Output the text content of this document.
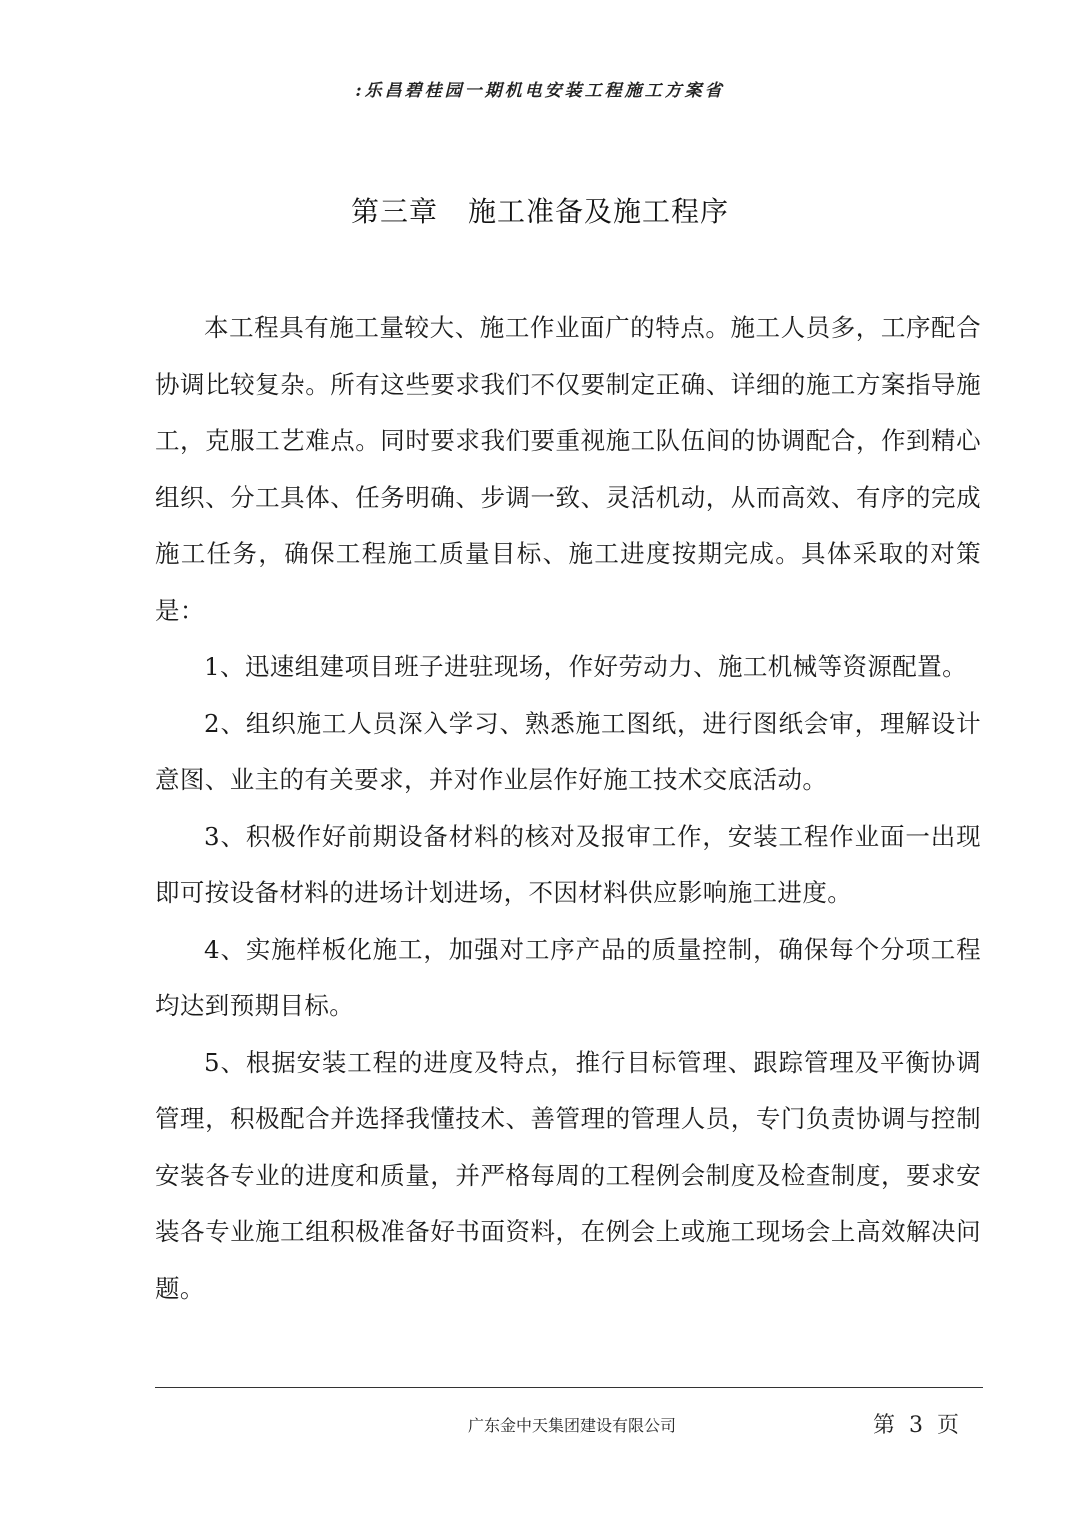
:乐昌碧桂园一期机电安装工程施工方案省
第三章 施工准备及施工程序

本工程具有施工量较大、施工作业面广的特点。施工人员多，工序配合协调比较复杂。所有这些要求我们不仅要制定正确、详细的施工方案指导施工，克服工艺难点。同时要求我们要重视施工队伍间的协调配合，作到精心组织、分工具体、任务明确、步调一致、灵活机动，从而高效、有序的完成施工任务，确保工程施工质量目标、施工进度按期完成。具体采取的对策是：

1、迅速组建项目班子进驻现场，作好劳动力、施工机械等资源配置。

2、组织施工人员深入学习、熟悉施工图纸，进行图纸会审，理解设计意图、业主的有关要求，并对作业层作好施工技术交底活动。

3、积极作好前期设备材料的核对及报审工作，安装工程作业面一出现即可按设备材料的进场计划进场，不因材料供应影响施工进度。

4、实施样板化施工，加强对工序产品的质量控制，确保每个分项工程均达到预期目标。

5、根据安装工程的进度及特点，推行目标管理、跟踪管理及平衡协调管理，积极配合并选择我懂技术、善管理的管理人员，专门负责协调与控制安装各专业的进度和质量，并严格每周的工程例会制度及检查制度，要求安装各专业施工组积极准备好书面资料，在例会上或施工现场会上高效解决问题。

广东金中天集团建设有限公司	第 3 页
